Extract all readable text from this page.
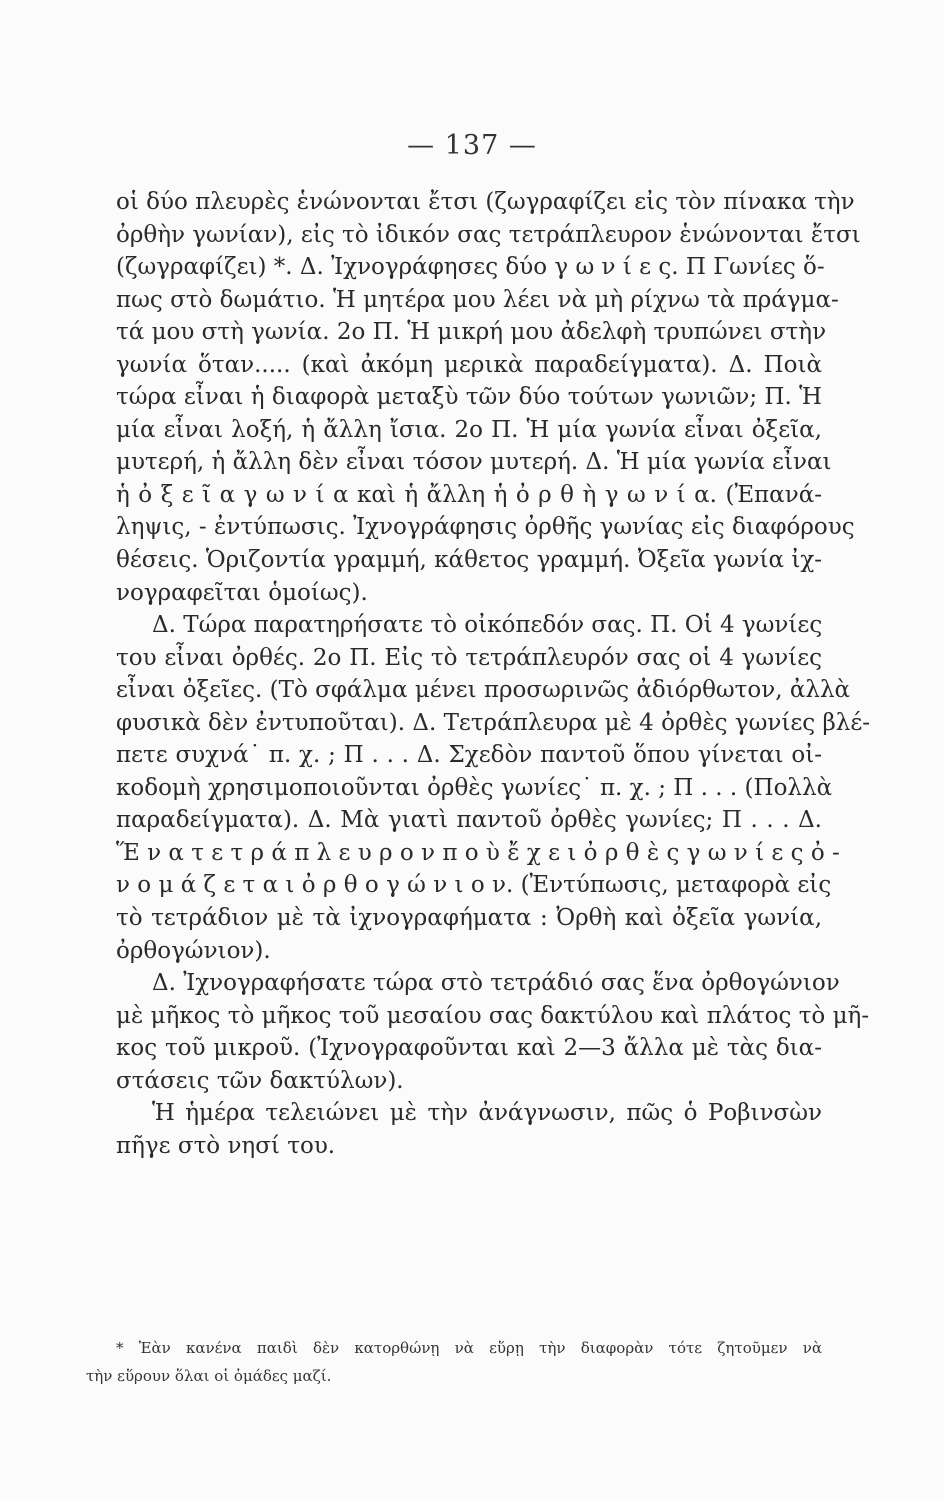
— 137 —
οἱ δύο πλευρὲς ἑνώνονται ἔτσι (ζωγραφίζει εἰς τὸν πίνακα τὴν
ὀρθὴν γωνίαν), εἰς τὸ ἰδικόν σας τετράπλευρον ἑνώνονται ἔτσι
(ζωγραφίζει) *. Δ. Ἰχνογράφησες δύο γ ω ν ί ε ς. Π Γωνίες ὅ-
πως στὸ δωμάτιο. Ἡ μητέρα μου λέει νὰ μὴ ρίχνω τὰ πράγμα-
τά μου στὴ γωνία. 2ο Π. Ἡ μικρή μου ἀδελφὴ τρυπώνει στὴν
γωνία ὅταν..... (καὶ ἀκόμη μερικὰ παραδείγματα). Δ. Ποιὰ
τώρα εἶναι ἡ διαφορὰ μεταξὺ τῶν δύο τούτων γωνιῶν; Π. Ἡ
μία εἶναι λοξή, ἡ ἄλλη ἴσια. 2ο Π. Ἡ μία γωνία εἶναι ὀξεῖα,
μυτερή, ἡ ἄλλη δὲν εἶναι τόσον μυτερή. Δ. Ἡ μία γωνία εἶναι
ἡ ὀ ξ ε ῖ α γ ω ν ί α καὶ ἡ ἄλλη ἡ ὀ ρ θ ὴ γ ω ν ί α. (Ἐπανά-
ληψις, - ἐντύπωσις. Ἰχνογράφησις ὀρθῆς γωνίας εἰς διαφόρους
θέσεις. Ὁριζοντία γραμμή, κάθετος γραμμή. Ὀξεῖα γωνία ἰχ-
νογραφεῖται ὁμοίως).
Δ. Τώρα παρατηρήσατε τὸ οἰκόπεδόν σας. Π. Οἱ 4 γωνίες
του εἶναι ὀρθές. 2ο Π. Εἰς τὸ τετράπλευρόν σας οἱ 4 γωνίες
εἶναι ὀξεῖες. (Τὸ σφάλμα μένει προσωρινῶς ἀδιόρθωτον, ἀλλὰ
φυσικὰ δὲν ἐντυποῦται). Δ. Τετράπλευρα μὲ 4 ὀρθὲς γωνίες βλέ-
πετε συχνά˙ π. χ. ; Π . . . Δ. Σχεδὸν παντοῦ ὅπου γίνεται οἰ-
κοδομὴ χρησιμοποιοῦνται ὀρθὲς γωνίες˙ π. χ. ; Π . . . (Πολλὰ
παραδείγματα). Δ. Μὰ γιατὶ παντοῦ ὀρθὲς γωνίες; Π . . . Δ.
Ἕ ν α τ ε τ ρ ά π λ ε υ ρ ο ν π ο ὺ ἔ χ ε ι ὀ ρ θ ὲ ς γ ω ν ί ε ς ὀ -
ν ο μ ά ζ ε τ α ι ὀ ρ θ ο γ ώ ν ι ο ν. (Ἐντύπωσις, μεταφορὰ εἰς
τὸ τετράδιον μὲ τὰ ἰχνογραφήματα : Ὀρθὴ καὶ ὀξεῖα γωνία,
ὀρθογώνιον).
Δ. Ἰχνογραφήσατε τώρα στὸ τετράδιό σας ἕνα ὀρθογώνιον
μὲ μῆκος τὸ μῆκος τοῦ μεσαίου σας δακτύλου καὶ πλάτος τὸ μῆ-
κος τοῦ μικροῦ. (Ἰχνογραφοῦνται καὶ 2—3 ἄλλα μὲ τὰς δια-
στάσεις τῶν δακτύλων).
Ἡ ἡμέρα τελειώνει μὲ τὴν ἀνάγνωσιν, πῶς ὁ Ροβινσὼν
πῆγε στὸ νησί του.
* Ἐὰν κανένα παιδὶ δὲν κατορθώνῃ νὰ εὕρῃ τὴν διαφορὰν τότε ζητοῦμεν νὰ
τὴν εὕρουν ὅλαι οἱ ὁμάδες μαζί.
